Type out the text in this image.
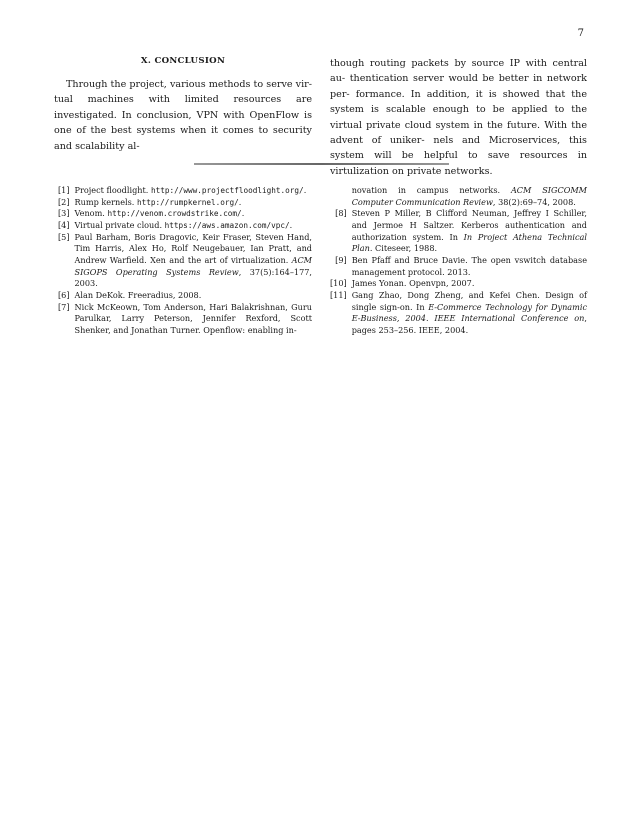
7
X. CONCLUSION

Through the project, various methods to serve vir- tual machines with limited resources are investigated. In conclusion, VPN with OpenFlow is one of the best systems when it comes to security and scalability al-

though routing packets by source IP with central au- thentication server would be better in network per- formance. In addition, it is showed that the system is scalable enough to be applied to the virtual private cloud system in the future. With the advent of uniker- nels and Microservices, this system will be helpful to save resources in virtulization on private networks.

[1] Project floodlight. http://www.projectfloodlight.org/.
[2] Rump kernels. http://rumpkernel.org/.
[3] Venom. http://venom.crowdstrike.com/.
[4] Virtual private cloud. https://aws.amazon.com/vpc/.
[5] Paul Barham, Boris Dragovic, Keir Fraser, Steven Hand, Tim Harris, Alex Ho, Rolf Neugebauer, Ian Pratt, and Andrew Warfield. Xen and the art of virtualization. ACM SIGOPS Operating Systems Review, 37(5):164–177, 2003.
[6] Alan DeKok. Freeradius, 2008.
[7] Nick McKeown, Tom Anderson, Hari Balakrishnan, Guru Parulkar, Larry Peterson, Jennifer Rexford, Scott Shenker, and Jonathan Turner. Openflow: enabling in-
novation in campus networks. ACM SIGCOMM Computer Communication Review, 38(2):69–74, 2008.
[8] Steven P Miller, B Clifford Neuman, Jeffrey I Schiller, and Jermoe H Saltzer. Kerberos authentication and authorization system. In In Project Athena Technical Plan. Citeseer, 1988.
[9] Ben Pfaff and Bruce Davie. The open vswitch database management protocol. 2013.
[10] James Yonan. Openvpn, 2007.
[11] Gang Zhao, Dong Zheng, and Kefei Chen. Design of single sign-on. In E-Commerce Technology for Dynamic E-Business, 2004. IEEE International Conference on, pages 253–256. IEEE, 2004.
